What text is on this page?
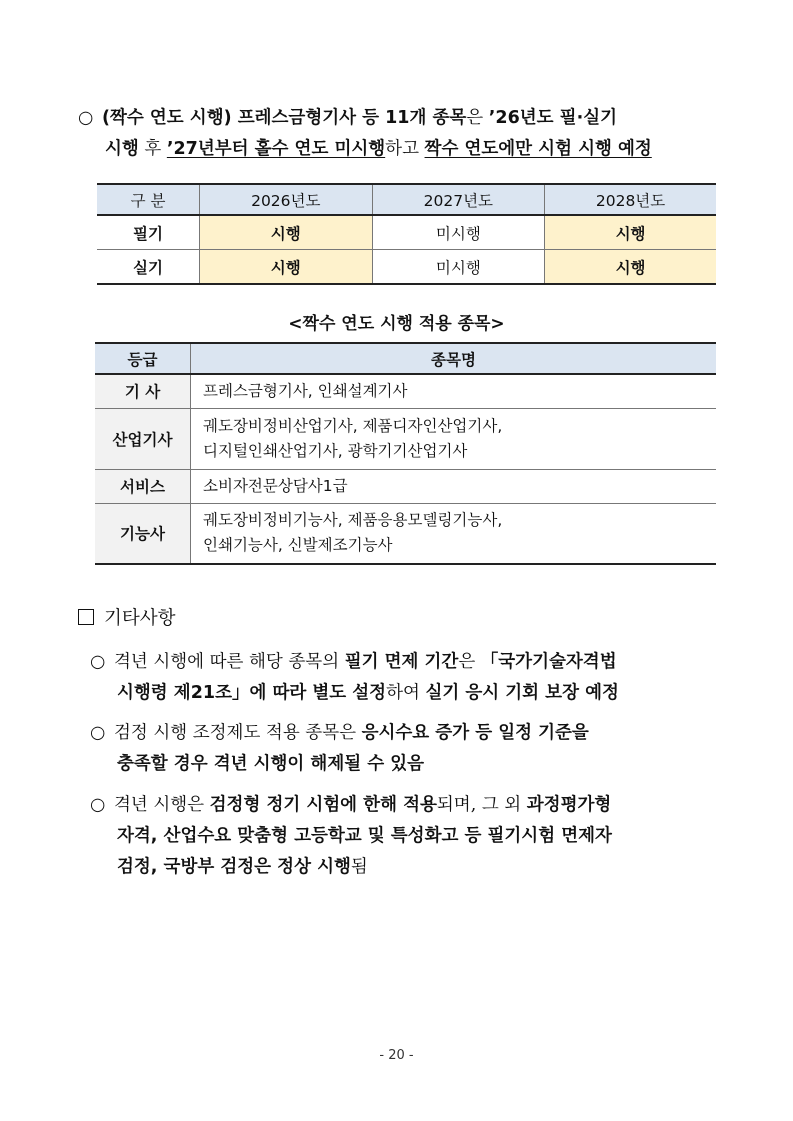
○ (짝수 연도 시행) 프레스금형기사 등 11개 종목은 ’26년도 필·실기
시행 후 ’27년부터 홀수 연도 미시행하고 짝수 연도에만 시험 시행 예정
구 분	2026년도	2027년도	2028년도
필기	시행	미시행	시행
실기	시행	미시행	시행
<짝수 연도 시행 적용 종목>
등급	종목명
기 사	프레스금형기사, 인쇄설계기사
산업기사	궤도장비정비산업기사, 제품디자인산업기사,
디지털인쇄산업기사, 광학기기산업기사

서비스	소비자전문상담사1급
기능사	궤도장비정비기능사, 제품응용모델링기능사,
인쇄기능사, 신발제조기능사
기타사항
○ 격년 시행에 따른 해당 종목의 필기 면제 기간은 「국가기술자격법
시행령 제21조」에 따라 별도 설정하여 실기 응시 기회 보장 예정
○ 검정 시행 조정제도 적용 종목은 응시수요 증가 등 일정 기준을
충족할 경우 격년 시행이 해제될 수 있음
○ 격년 시행은 검정형 정기 시험에 한해 적용되며, 그 외 과정평가형
자격, 산업수요 맞춤형 고등학교 및 특성화고 등 필기시험 면제자
검정, 국방부 검정은 정상 시행됨
- 20 -
